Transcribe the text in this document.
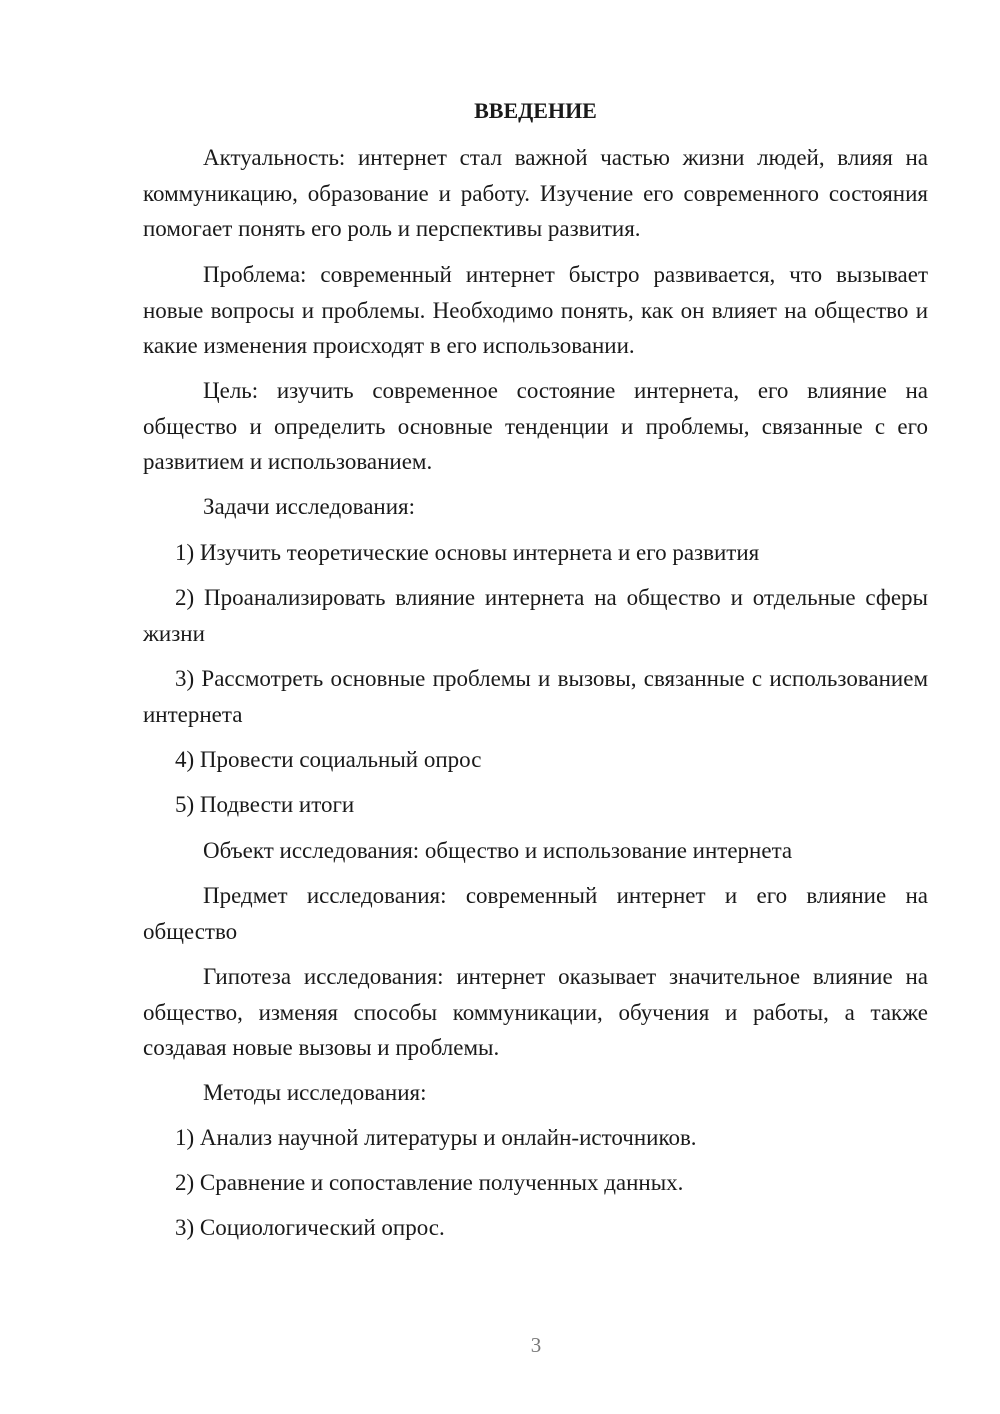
ВВЕДЕНИЕ

Актуальность: интернет стал важной частью жизни людей, влияя на коммуникацию, образование и работу. Изучение его современного состояния помогает понять его роль и перспективы развития.

Проблема: современный интернет быстро развивается, что вызывает новые вопросы и проблемы. Необходимо понять, как он влияет на общество и какие изменения происходят в его использовании.

Цель: изучить современное состояние интернета, его влияние на общество и определить основные тенденции и проблемы, связанные с его развитием и использованием.

Задачи исследования:

1) Изучить теоретические основы интернета и его развития

2) Проанализировать влияние интернета на общество и отдельные сферы жизни

3) Рассмотреть основные проблемы и вызовы, связанные с использованием интернета

4) Провести социальный опрос

5) Подвести итоги

Объект исследования: общество и использование интернета

Предмет исследования: современный интернет и его влияние на общество

Гипотеза исследования: интернет оказывает значительное влияние на общество, изменяя способы коммуникации, обучения и работы, а также создавая новые вызовы и проблемы.

Методы исследования:

1) Анализ научной литературы и онлайн-источников.

2) Сравнение и сопоставление полученных данных.

3) Социологический опрос.

3
